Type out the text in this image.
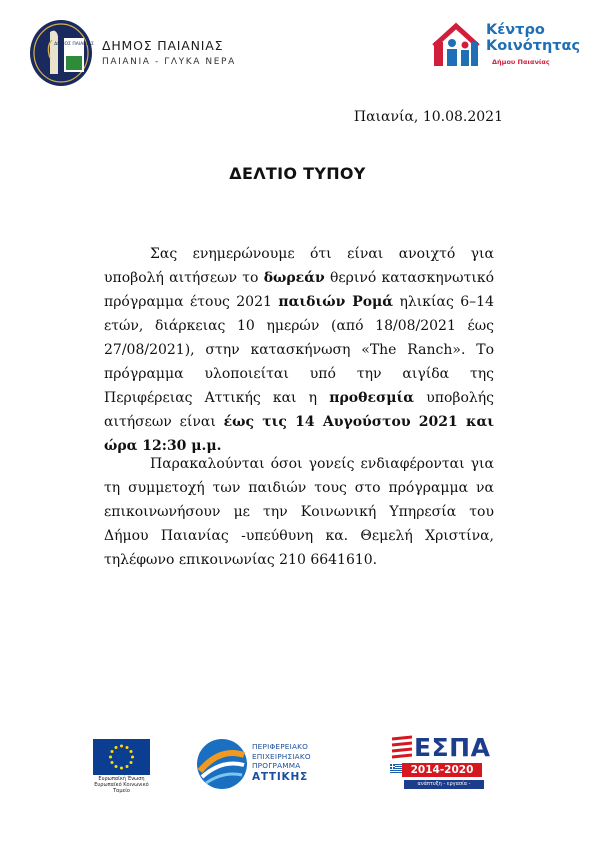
ΔΗΜΟΣ ΠΑΙΑΝΙΑΣ ΔΗΜΟΣ ΠΑΙΑΝΙΑΣ
ΠΑΙΑΝΙΑ - ΓΛΥΚΑ ΝΕΡΑ
Κέντρο
Κοινότητας
Δήμου Παιανίας
Παιανία, 10.08.2021
ΔΕΛΤΙΟ ΤΥΠΟΥ

Σας ενημερώνουμε ότι είναι ανοιχτό για υποβολή αιτήσεων το δωρεάν θερινό κατασκηνωτικό πρόγραμμα έτους 2021 παιδιών Ρομά ηλικίας 6–14 ετών, διάρκειας 10 ημερών (από 18/08/2021 έως 27/08/2021), στην κατασκήνωση «The Ranch». Το πρόγραμμα υλοποιείται υπό την αιγίδα της Περιφέρειας Αττικής και η προθεσμία υποβολής αιτήσεων είναι έως τις 14 Αυγούστου 2021 και ώρα 12:30 μ.μ.

Παρακαλούνται όσοι γονείς ενδιαφέρονται για τη συμμετοχή των παιδιών τους στο πρόγραμμα να επικοινωνήσουν με την Κοινωνική Υπηρεσία του Δήμου Παιανίας -υπεύθυνη κα. Θεμελή Χριστίνα, τηλέφωνο επικοινωνίας 210 6641610.

Ευρωπαϊκή Ένωση
Ευρωπαϊκό Κοινωνικό Ταμείο
ΠΕΡΙΦΕΡΕΙΑΚΟ
ΕΠΙΧΕΙΡΗΣΙΑΚΟ
ΠΡΟΓΡΑΜΜΑ
ΑΤΤΙΚΗΣ
ΕΣΠΑ
2014-2020
ανάπτυξη - εργασία - αλληλεγγύη
